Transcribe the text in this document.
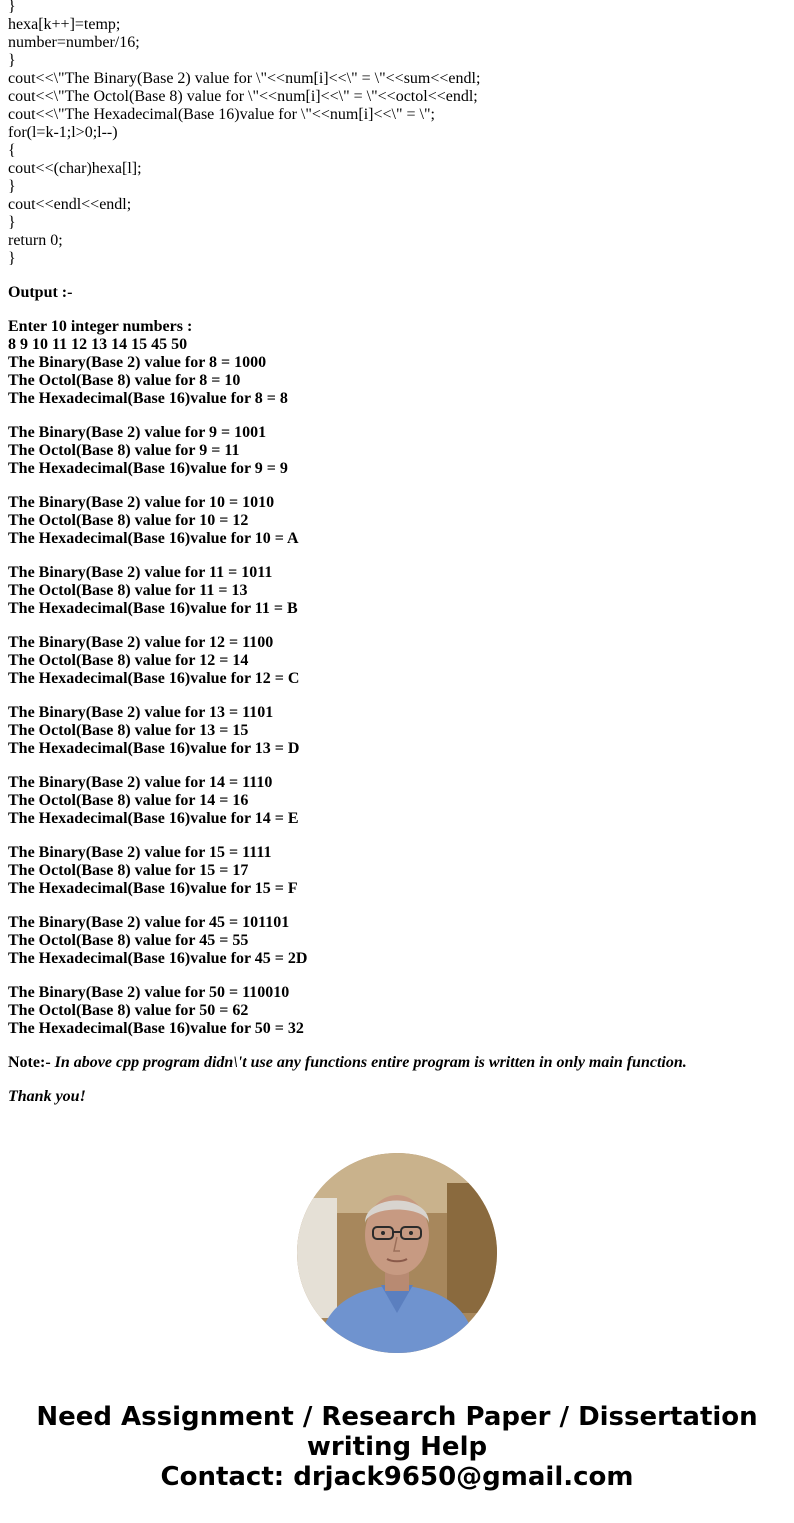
}
hexa[k++]=temp;
number=number/16;
}
cout<<\"The Binary(Base 2) value for \"<<num[i]<<\" = \"<<sum<<endl;
cout<<\"The Octol(Base 8) value for \"<<num[i]<<\" = \"<<octol<<endl;
cout<<\"The Hexadecimal(Base 16)value for \"<<num[i]<<\" = \";
for(l=k-1;l>0;l--)
{
cout<<(char)hexa[l];
}
cout<<endl<<endl;
}
return 0;
}
Output :-
Enter 10 integer numbers :
8 9 10 11 12 13 14 15 45 50
The Binary(Base 2) value for 8 = 1000
The Octol(Base 8) value for 8 = 10
The Hexadecimal(Base 16)value for 8 = 8
The Binary(Base 2) value for 9 = 1001
The Octol(Base 8) value for 9 = 11
The Hexadecimal(Base 16)value for 9 = 9
The Binary(Base 2) value for 10 = 1010
The Octol(Base 8) value for 10 = 12
The Hexadecimal(Base 16)value for 10 = A
The Binary(Base 2) value for 11 = 1011
The Octol(Base 8) value for 11 = 13
The Hexadecimal(Base 16)value for 11 = B
The Binary(Base 2) value for 12 = 1100
The Octol(Base 8) value for 12 = 14
The Hexadecimal(Base 16)value for 12 = C
The Binary(Base 2) value for 13 = 1101
The Octol(Base 8) value for 13 = 15
The Hexadecimal(Base 16)value for 13 = D
The Binary(Base 2) value for 14 = 1110
The Octol(Base 8) value for 14 = 16
The Hexadecimal(Base 16)value for 14 = E
The Binary(Base 2) value for 15 = 1111
The Octol(Base 8) value for 15 = 17
The Hexadecimal(Base 16)value for 15 = F
The Binary(Base 2) value for 45 = 101101
The Octol(Base 8) value for 45 = 55
The Hexadecimal(Base 16)value for 45 = 2D
The Binary(Base 2) value for 50 = 110010
The Octol(Base 8) value for 50 = 62
The Hexadecimal(Base 16)value for 50 = 32
Note:- In above cpp program didn\'t use any functions entire program is written in only main function.
Thank you!
Need Assignment / Research Paper / Dissertation
writing Help
Contact: drjack9650@gmail.com
